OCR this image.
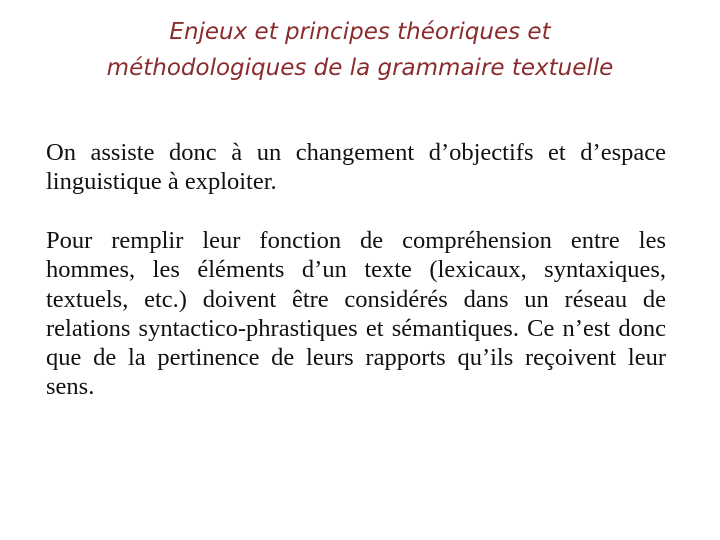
Enjeux et principes théoriques et
méthodologiques de la grammaire textuelle

On assiste donc à un changement d’objectifs et d’espace linguistique à exploiter.

Pour remplir leur fonction de compréhension entre les hommes, les éléments d’un texte (lexicaux, syntaxiques, textuels, etc.) doivent être considérés dans un réseau de relations syntactico-phrastiques et sémantiques. Ce n’est donc que de la pertinence de leurs rapports qu’ils reçoivent leur sens.
